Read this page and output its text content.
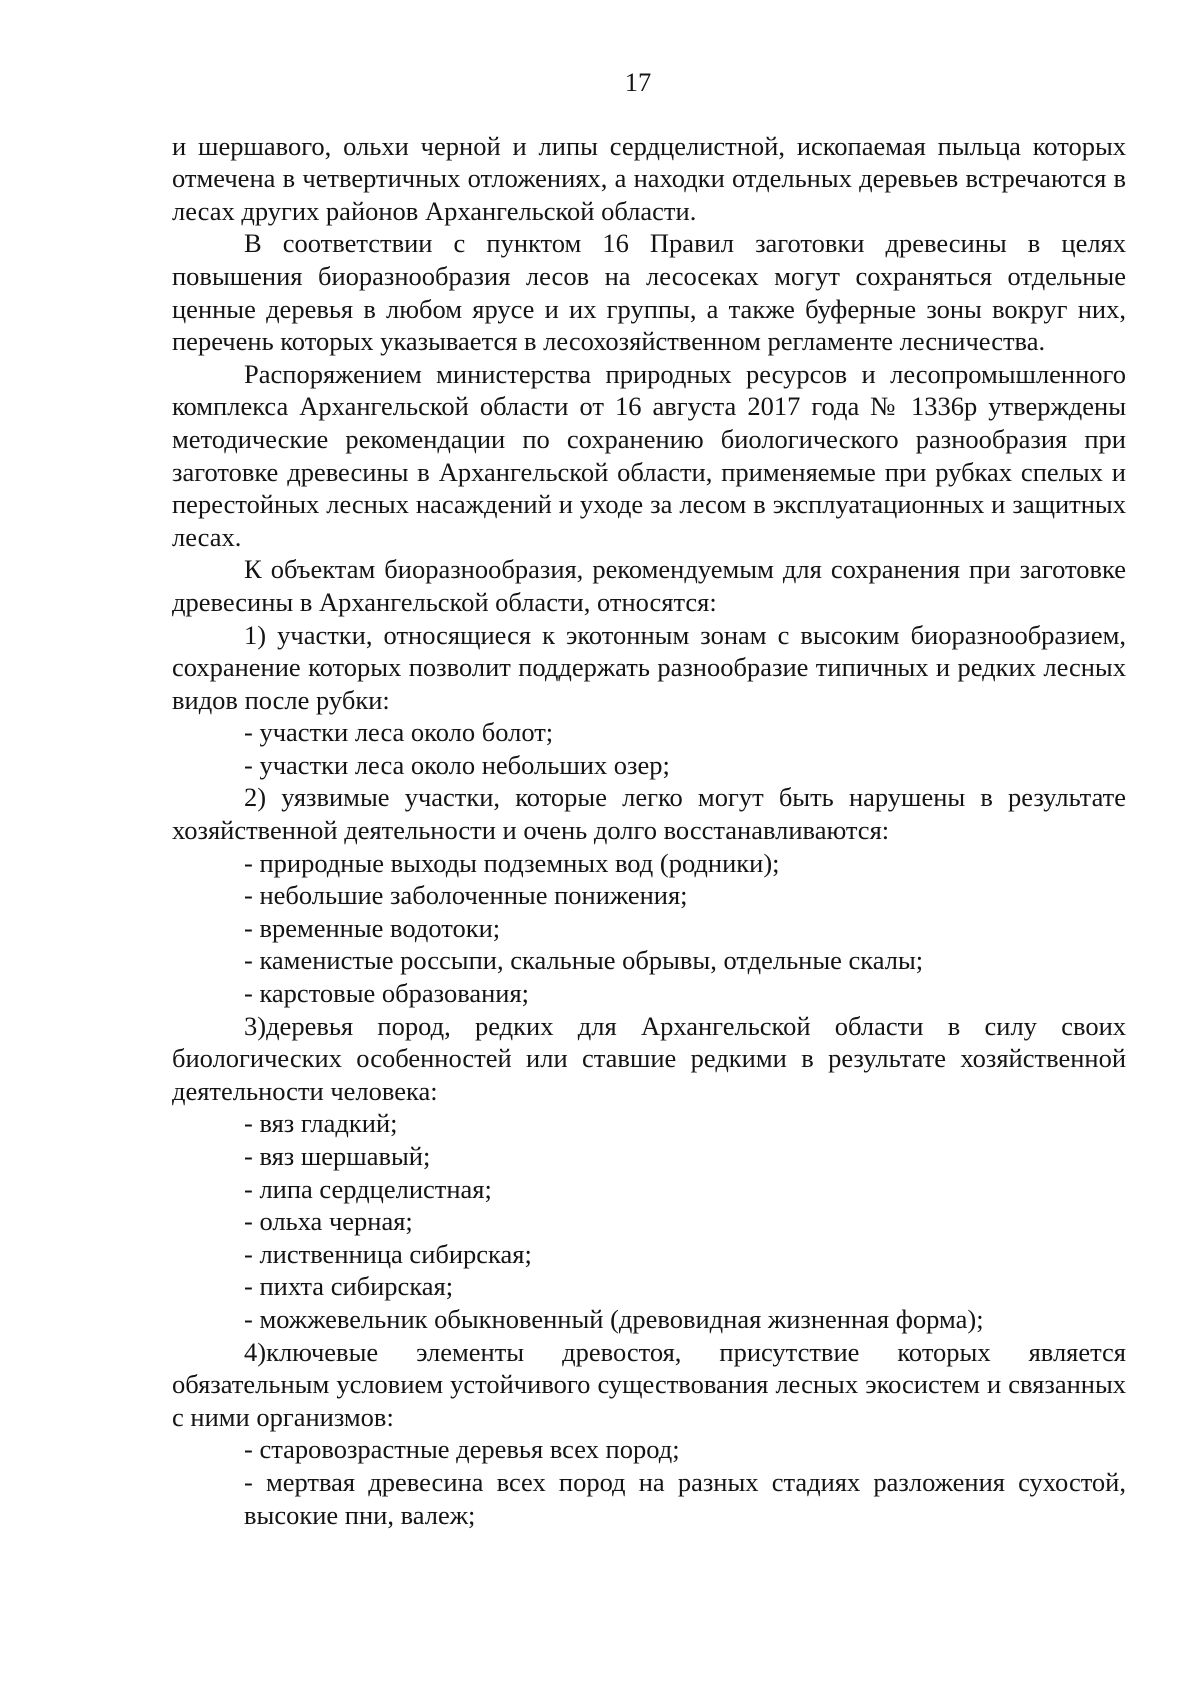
17

и шершавого, ольхи черной и липы сердцелистной, ископаемая пыльца которых отмечена в четвертичных отложениях, а находки отдельных деревьев встречаются в лесах других районов Архангельской области.

В соответствии с пунктом 16 Правил заготовки древесины в целях повышения биоразнообразия лесов на лесосеках могут сохраняться отдельные ценные деревья в любом ярусе и их группы, а также буферные зоны вокруг них, перечень которых указывается в лесохозяйственном регламенте лесничества.

Распоряжением министерства природных ресурсов и лесопромышленного комплекса Архангельской области от 16 августа 2017 года № 1336р утверждены методические рекомендации по сохранению биологического разнообразия при заготовке древесины в Архангельской области, применяемые при рубках спелых и перестойных лесных насаждений и уходе за лесом в эксплуатационных и защитных лесах.

К объектам биоразнообразия, рекомендуемым для сохранения при заготовке древесины в Архангельской области, относятся:

1) участки, относящиеся к экотонным зонам с высоким биоразнообразием, сохранение которых позволит поддержать разнообразие типичных и редких лесных видов после рубки:

- участки леса около болот;

- участки леса около небольших озер;

2) уязвимые участки, которые легко могут быть нарушены в результате хозяйственной деятельности и очень долго восстанавливаются:

- природные выходы подземных вод (родники);

- небольшие заболоченные понижения;

- временные водотоки;

- каменистые россыпи, скальные обрывы, отдельные скалы;

- карстовые образования;

3)деревья пород, редких для Архангельской области в силу своих биологических особенностей или ставшие редкими в результате хозяйственной деятельности человека:

- вяз гладкий;

- вяз шершавый;

- липа сердцелистная;

- ольха черная;

- лиственница сибирская;

- пихта сибирская;

- можжевельник обыкновенный (древовидная жизненная форма);

4)ключевые элементы древостоя, присутствие которых является обязательным условием устойчивого существования лесных экосистем и связанных с ними организмов:

- старовозрастные деревья всех пород;

- мертвая древесина всех пород на разных стадиях разложения сухостой, высокие пни, валеж;
